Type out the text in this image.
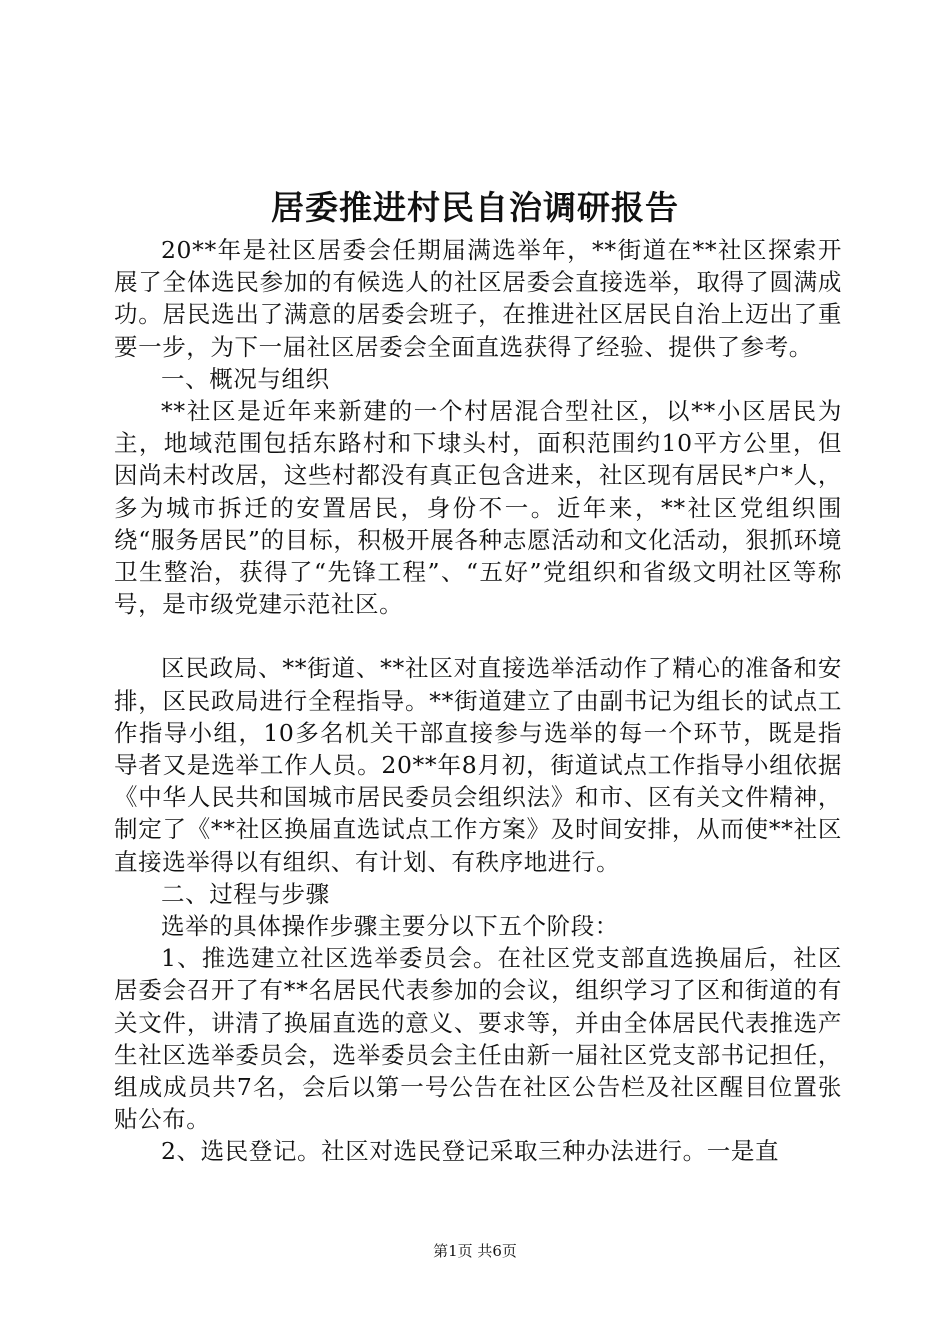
居委推进村民自治调研报告

20**年是社区居委会任期届满选举年，**街道在**社区探索开展了全体选民参加的有候选人的社区居委会直接选举，取得了圆满成功。居民选出了满意的居委会班子，在推进社区居民自治上迈出了重要一步，为下一届社区居委会全面直选获得了经验、提供了参考。

一、概况与组织

**社区是近年来新建的一个村居混合型社区，以**小区居民为主，地域范围包括东路村和下埭头村，面积范围约10平方公里，但因尚未村改居，这些村都没有真正包含进来，社区现有居民*户*人，多为城市拆迁的安置居民，身份不一。近年来，**社区党组织围绕“服务居民”的目标，积极开展各种志愿活动和文化活动，狠抓环境卫生整治，获得了“先锋工程”、“五好”党组织和省级文明社区等称号，是市级党建示范社区。

区民政局、**街道、**社区对直接选举活动作了精心的准备和安排，区民政局进行全程指导。**街道建立了由副书记为组长的试点工作指导小组，10多名机关干部直接参与选举的每一个环节，既是指导者又是选举工作人员。20**年8月初，街道试点工作指导小组依据《中华人民共和国城市居民委员会组织法》和市、区有关文件精神，制定了《**社区换届直选试点工作方案》及时间安排，从而使**社区直接选举得以有组织、有计划、有秩序地进行。

二、过程与步骤

选举的具体操作步骤主要分以下五个阶段：

1、推选建立社区选举委员会。在社区党支部直选换届后，社区居委会召开了有**名居民代表参加的会议，组织学习了区和街道的有关文件，讲清了换届直选的意义、要求等，并由全体居民代表推选产生社区选举委员会，选举委员会主任由新一届社区党支部书记担任，组成成员共7名，会后以第一号公告在社区公告栏及社区醒目位置张贴公布。

2、选民登记。社区对选民登记采取三种办法进行。一是直

第1页 共6页
